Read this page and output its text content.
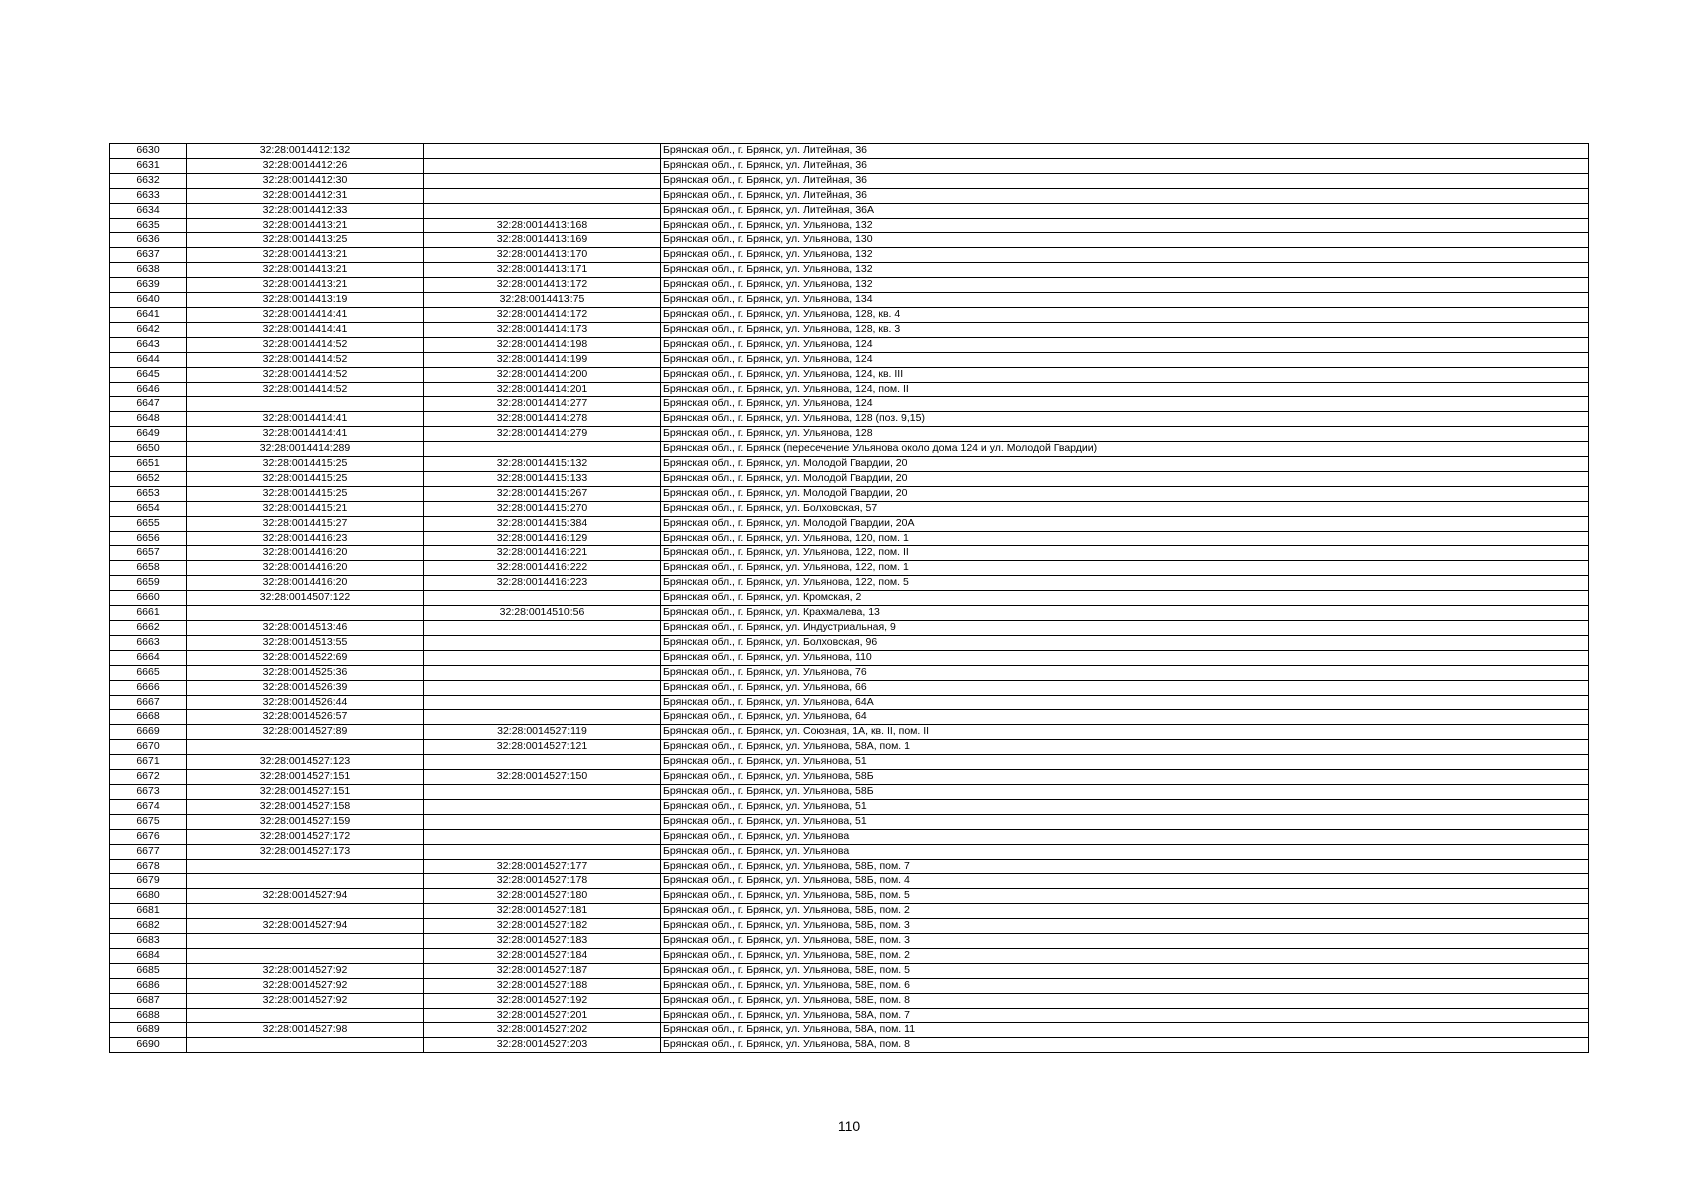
6630	32:28:0014412:132		Брянская обл., г. Брянск, ул. Литейная, 36
6631	32:28:0014412:26		Брянская обл., г. Брянск, ул. Литейная, 36
6632	32:28:0014412:30		Брянская обл., г. Брянск, ул. Литейная, 36
6633	32:28:0014412:31		Брянская обл., г. Брянск, ул. Литейная, 36
6634	32:28:0014412:33		Брянская обл., г. Брянск, ул. Литейная, 36А
6635	32:28:0014413:21	32:28:0014413:168	Брянская обл., г. Брянск, ул. Ульянова, 132
6636	32:28:0014413:25	32:28:0014413:169	Брянская обл., г. Брянск, ул. Ульянова, 130
6637	32:28:0014413:21	32:28:0014413:170	Брянская обл., г. Брянск, ул. Ульянова, 132
6638	32:28:0014413:21	32:28:0014413:171	Брянская обл., г. Брянск, ул. Ульянова, 132
6639	32:28:0014413:21	32:28:0014413:172	Брянская обл., г. Брянск, ул. Ульянова, 132
6640	32:28:0014413:19	32:28:0014413:75	Брянская обл., г. Брянск, ул. Ульянова, 134
6641	32:28:0014414:41	32:28:0014414:172	Брянская обл., г. Брянск, ул. Ульянова, 128, кв. 4
6642	32:28:0014414:41	32:28:0014414:173	Брянская обл., г. Брянск, ул. Ульянова, 128, кв. 3
6643	32:28:0014414:52	32:28:0014414:198	Брянская обл., г. Брянск, ул. Ульянова, 124
6644	32:28:0014414:52	32:28:0014414:199	Брянская обл., г. Брянск, ул. Ульянова, 124
6645	32:28:0014414:52	32:28:0014414:200	Брянская обл., г. Брянск, ул. Ульянова, 124, кв. III
6646	32:28:0014414:52	32:28:0014414:201	Брянская обл., г. Брянск, ул. Ульянова, 124, пом. II
6647		32:28:0014414:277	Брянская обл., г. Брянск, ул. Ульянова, 124
6648	32:28:0014414:41	32:28:0014414:278	Брянская обл., г. Брянск, ул. Ульянова, 128 (поз. 9,15)
6649	32:28:0014414:41	32:28:0014414:279	Брянская обл., г. Брянск, ул. Ульянова, 128
6650	32:28:0014414:289		Брянская обл., г. Брянск (пересечение Ульянова около дома 124 и ул. Молодой Гвардии)
6651	32:28:0014415:25	32:28:0014415:132	Брянская обл., г. Брянск, ул. Молодой Гвардии, 20
6652	32:28:0014415:25	32:28:0014415:133	Брянская обл., г. Брянск, ул. Молодой Гвардии, 20
6653	32:28:0014415:25	32:28:0014415:267	Брянская обл., г. Брянск, ул. Молодой Гвардии, 20
6654	32:28:0014415:21	32:28:0014415:270	Брянская обл., г. Брянск, ул. Болховская, 57
6655	32:28:0014415:27	32:28:0014415:384	Брянская обл., г. Брянск, ул. Молодой Гвардии, 20А
6656	32:28:0014416:23	32:28:0014416:129	Брянская обл., г. Брянск, ул. Ульянова, 120, пом. 1
6657	32:28:0014416:20	32:28:0014416:221	Брянская обл., г. Брянск, ул. Ульянова, 122, пом. II
6658	32:28:0014416:20	32:28:0014416:222	Брянская обл., г. Брянск, ул. Ульянова, 122, пом. 1
6659	32:28:0014416:20	32:28:0014416:223	Брянская обл., г. Брянск, ул. Ульянова, 122, пом. 5
6660	32:28:0014507:122		Брянская обл., г. Брянск, ул. Кромская, 2
6661		32:28:0014510:56	Брянская обл., г. Брянск, ул. Крахмалева, 13
6662	32:28:0014513:46		Брянская обл., г. Брянск, ул. Индустриальная, 9
6663	32:28:0014513:55		Брянская обл., г. Брянск, ул. Болховская, 96
6664	32:28:0014522:69		Брянская обл., г. Брянск, ул. Ульянова, 110
6665	32:28:0014525:36		Брянская обл., г. Брянск, ул. Ульянова, 76
6666	32:28:0014526:39		Брянская обл., г. Брянск, ул. Ульянова, 66
6667	32:28:0014526:44		Брянская обл., г. Брянск, ул. Ульянова, 64А
6668	32:28:0014526:57		Брянская обл., г. Брянск, ул. Ульянова, 64
6669	32:28:0014527:89	32:28:0014527:119	Брянская обл., г. Брянск, ул. Союзная, 1А, кв. II, пом. II
6670		32:28:0014527:121	Брянская обл., г. Брянск, ул. Ульянова, 58А, пом. 1
6671	32:28:0014527:123		Брянская обл., г. Брянск, ул. Ульянова, 51
6672	32:28:0014527:151	32:28:0014527:150	Брянская обл., г. Брянск, ул. Ульянова, 58Б
6673	32:28:0014527:151		Брянская обл., г. Брянск, ул. Ульянова, 58Б
6674	32:28:0014527:158		Брянская обл., г. Брянск, ул. Ульянова, 51
6675	32:28:0014527:159		Брянская обл., г. Брянск, ул. Ульянова, 51
6676	32:28:0014527:172		Брянская обл., г. Брянск, ул. Ульянова
6677	32:28:0014527:173		Брянская обл., г. Брянск, ул. Ульянова
6678		32:28:0014527:177	Брянская обл., г. Брянск, ул. Ульянова, 58Б, пом. 7
6679		32:28:0014527:178	Брянская обл., г. Брянск, ул. Ульянова, 58Б, пом. 4
6680	32:28:0014527:94	32:28:0014527:180	Брянская обл., г. Брянск, ул. Ульянова, 58Б, пом. 5
6681		32:28:0014527:181	Брянская обл., г. Брянск, ул. Ульянова, 58Б, пом. 2
6682	32:28:0014527:94	32:28:0014527:182	Брянская обл., г. Брянск, ул. Ульянова, 58Б, пом. 3
6683		32:28:0014527:183	Брянская обл., г. Брянск, ул. Ульянова, 58Е, пом. 3
6684		32:28:0014527:184	Брянская обл., г. Брянск, ул. Ульянова, 58Е, пом. 2
6685	32:28:0014527:92	32:28:0014527:187	Брянская обл., г. Брянск, ул. Ульянова, 58Е, пом. 5
6686	32:28:0014527:92	32:28:0014527:188	Брянская обл., г. Брянск, ул. Ульянова, 58Е, пом. 6
6687	32:28:0014527:92	32:28:0014527:192	Брянская обл., г. Брянск, ул. Ульянова, 58Е, пом. 8
6688		32:28:0014527:201	Брянская обл., г. Брянск, ул. Ульянова, 58А, пом. 7
6689	32:28:0014527:98	32:28:0014527:202	Брянская обл., г. Брянск, ул. Ульянова, 58А, пом. 11
6690		32:28:0014527:203	Брянская обл., г. Брянск, ул. Ульянова, 58А, пом. 8
110
